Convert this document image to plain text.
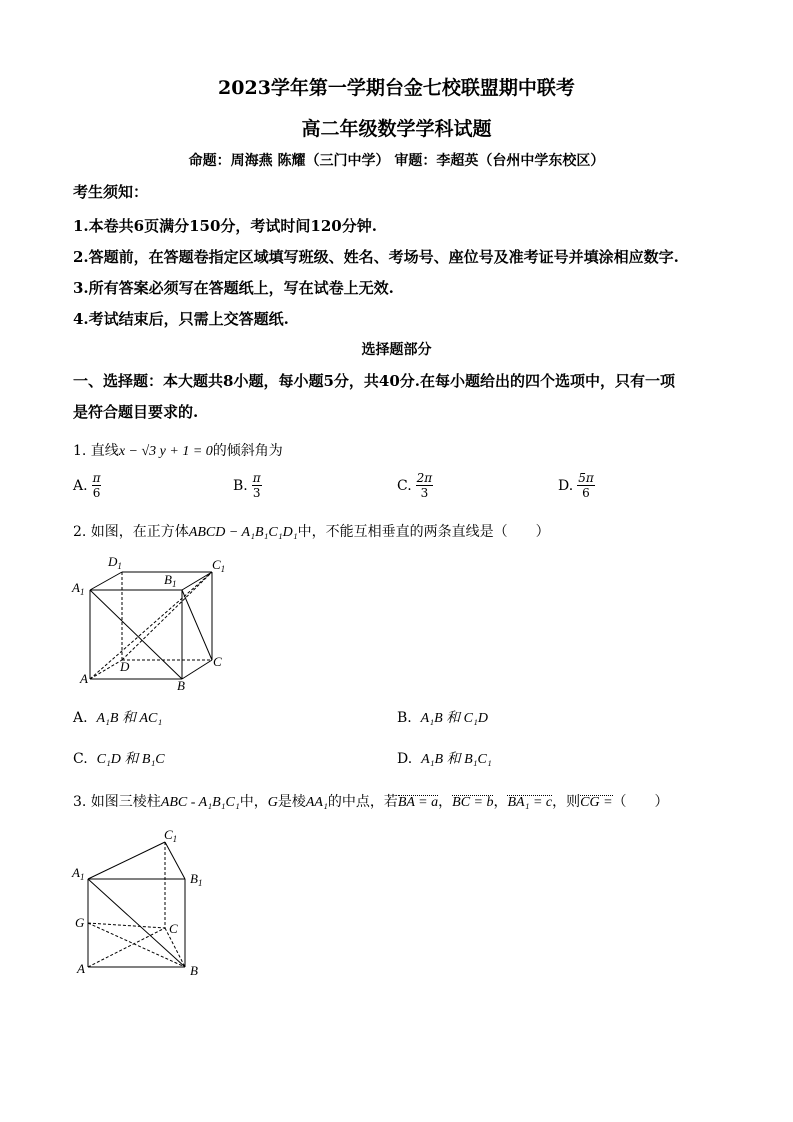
2023学年第一学期台金七校联盟期中联考
高二年级数学学科试题
命题：周海燕 陈耀（三门中学） 审题：李超英（台州中学东校区）
考生须知：
1.本卷共6页满分150分，考试时间120分钟.
2.答题前，在答题卷指定区域填写班级、姓名、考场号、座位号及准考证号并填涂相应数字.
3.所有答案必须写在答题纸上，写在试卷上无效.
4.考试结束后，只需上交答题纸.
选择题部分
一、选择题：本大题共8小题，每小题5分，共40分.在每小题给出的四个选项中，只有一项
是符合题目要求的.
1. 直线x − √3 y + 1 = 0的倾斜角为
A. $\frac{\pi}{6}$	B. $\frac{\pi}{3}$	C. $\frac{2\pi}{3}$	D. $\frac{5\pi}{6}$
2. 如图，在正方体ABCD − A₁B₁C₁D₁中，不能互相垂直的两条直线是（　　）
$D_1$
$B_1$
$C_1$
$A_1$
D	C
A	B
A. A₁B 和 AC₁	B. A₁B 和 C₁D
C. C₁D 和 B₁C	D. A₁B 和 B₁C₁
3. 如图三棱柱ABC - A₁B₁C₁中，G是棱AA₁的中点，若BA = a，BC = b，BA₁ = c，则CG =（　　）
$C_1$
$A_1$	$B_1$
G	C
A	B
